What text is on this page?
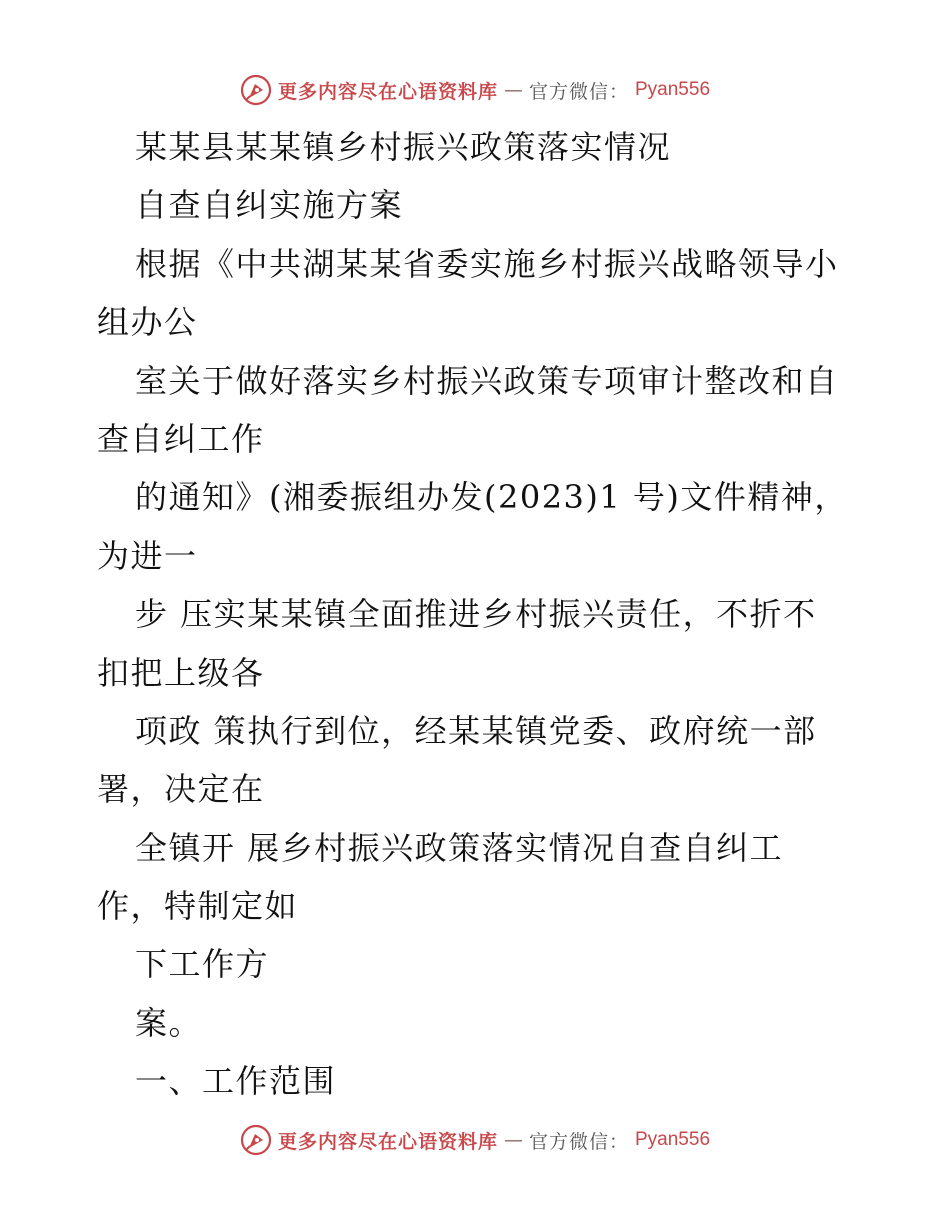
更多内容尽在心语资料库 — 官方微信： Pyan556
某某县某某镇乡村振兴政策落实情况
自查自纠实施方案
根据《中共湖某某省委实施乡村振兴战略领导小
组办公
室关于做好落实乡村振兴政策专项审计整改和自
查自纠工作
的通知》(湘委振组办发(2023)1 号)文件精神，
为进一
步 压实某某镇全面推进乡村振兴责任，不折不
扣把上级各
项政 策执行到位，经某某镇党委、政府统一部
署，决定在
全镇开 展乡村振兴政策落实情况自查自纠工
作，特制定如
下工作方
案。
一、工作范围
更多内容尽在心语资料库 — 官方微信： Pyan556
